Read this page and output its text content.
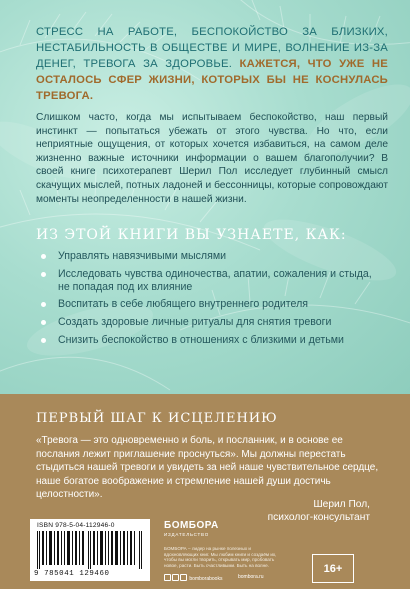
СТРЕСС НА РАБОТЕ, БЕСПОКОЙСТВО ЗА БЛИЗКИХ, НЕСТАБИЛЬНОСТЬ В ОБЩЕСТВЕ И МИРЕ, ВОЛНЕНИЕ ИЗ-ЗА ДЕНЕГ, ТРЕВОГА ЗА ЗДОРОВЬЕ. КАЖЕТСЯ, ЧТО УЖЕ НЕ ОСТАЛОСЬ СФЕР ЖИЗНИ, КОТОРЫХ БЫ НЕ КОСНУЛАСЬ ТРЕВОГА.
Слишком часто, когда мы испытываем беспокойство, наш первый инстинкт — попытаться убежать от этого чувства. Но что, если неприятные ощущения, от которых хочется избавиться, на самом деле жизненно важные источники информации о вашем благополучии? В своей книге психотерапевт Шерил Пол исследует глубинный смысл скачущих мыслей, потных ладоней и бессонницы, которые сопровождают моменты неопределенности в нашей жизни.
ИЗ ЭТОЙ КНИГИ ВЫ УЗНАЕТЕ, КАК:
Управлять навязчивыми мыслями
Исследовать чувства одиночества, апатии, сожаления и стыда, не попадая под их влияние
Воспитать в себе любящего внутреннего родителя
Создать здоровые личные ритуалы для снятия тревоги
Снизить беспокойство в отношениях с близкими и детьми
ПЕРВЫЙ ШАГ К ИСЦЕЛЕНИЮ
«Тревога — это одновременно и боль, и посланник, и в основе ее послания лежит приглашение проснуться». Мы должны перестать стыдиться нашей тревоги и увидеть за ней наше чувствительное сердце, наше богатое воображение и стремление нашей души достичь целостности».
Шерил Пол,
психолог-консультант
ISBN 978-5-04-112946-0
9 785041 129460
БОМБОРА
ИЗДАТЕЛЬСТВО
БОМБОРА – лидер на рынке полезных и вдохновляющих книг. Мы любим книги и создаём их, чтобы вы могли творить, открывать мир, пробовать новое, расти. Быть счастливыми. Быть на волне.
bomborabooks	bombora.ru
16+
